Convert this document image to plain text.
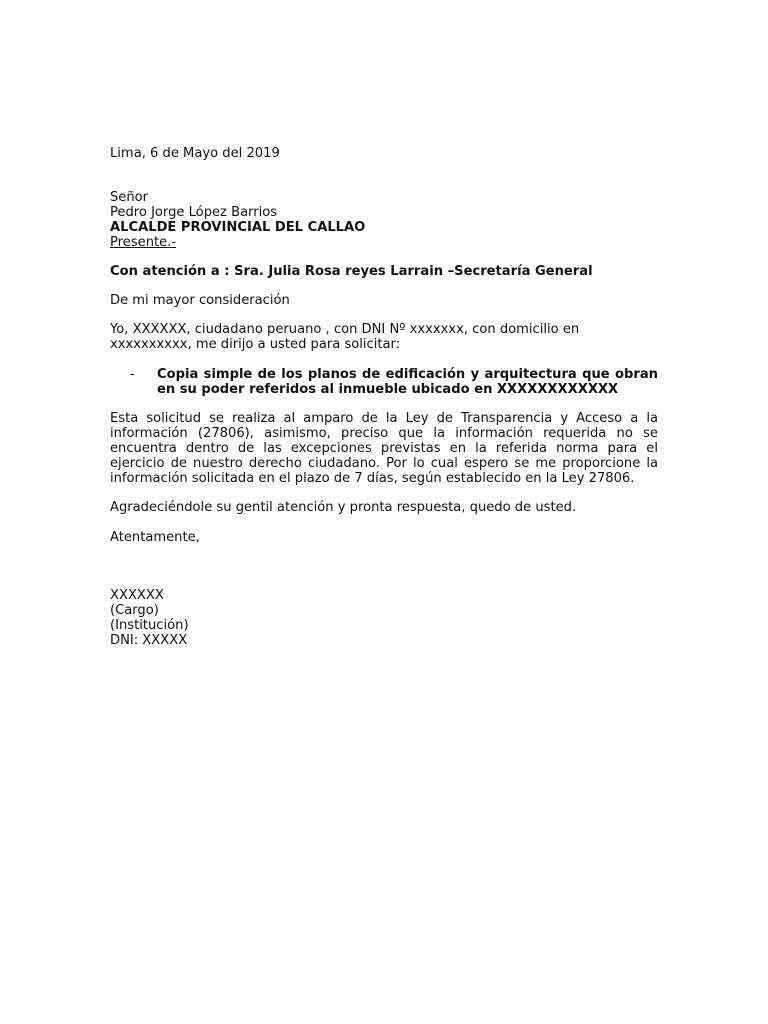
Lima, 6 de Mayo del 2019
Señor
Pedro Jorge López Barrios
ALCALDE PROVINCIAL DEL CALLAO
Presente.-
Con atención a : Sra. Julia Rosa reyes Larrain –Secretaría General
De mi mayor consideración
Yo, XXXXXX, ciudadano peruano , con DNI Nº xxxxxxx, con domicilio en
xxxxxxxxxx, me dirijo a usted para solicitar:
- Copia simple de los planos de edificación y arquitectura que obran en su poder referidos al inmueble ubicado en XXXXXXXXXXXX
Esta solicitud se realiza al amparo de la Ley de Transparencia y Acceso a la información (27806), asimismo, preciso que la información requerida no se encuentra dentro de las excepciones previstas en la referida norma para el ejercicio de nuestro derecho ciudadano. Por lo cual espero se me proporcione la información solicitada en el plazo de 7 días, según establecido en la Ley 27806.
Agradeciéndole su gentil atención y pronta respuesta, quedo de usted.
Atentamente,
XXXXXX
(Cargo)
(Institución)
DNI: XXXXX
